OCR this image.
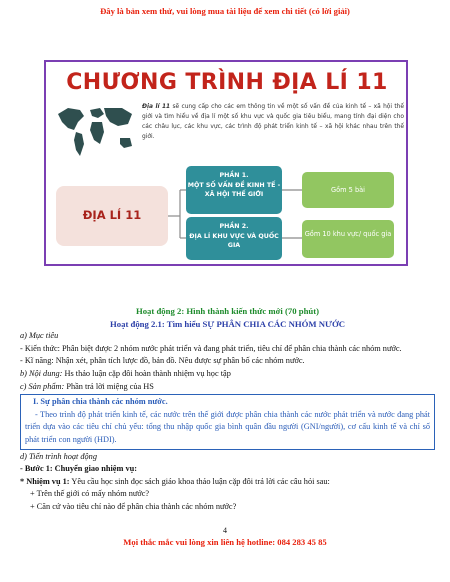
Đây là bản xem thử, vui lòng mua tài liệu để xem chi tiết (có lời giải)
CHƯƠNG TRÌNH ĐỊA LÍ 11
Địa lí 11 sẽ cung cấp cho các em thông tin về một số vấn đề của kinh tế – xã hội thế giới và tìm hiểu về địa lí một số khu vực và quốc gia tiêu biểu, mang tính đại diện cho các châu lục, các khu vực, các trình độ phát triển kinh tế – xã hội khác nhau trên thế giới.
ĐỊA LÍ 11
PHẦN 1.
MỘT SỐ VẤN ĐỀ KINH TẾ - XÃ HỘI THẾ GIỚI
PHẦN 2.
ĐỊA LÍ KHU VỰC VÀ QUỐC GIA
Gồm 5 bài
Gồm 10 khu vực/ quốc gia
Hoạt động 2: Hình thành kiến thức mới (70 phút)
Hoạt động 2.1: Tìm hiểu SỰ PHÂN CHIA CÁC NHÓM NƯỚC
a) Mục tiêu
- Kiến thức: Phân biệt được 2 nhóm nước phát triển và đang phát triển, tiêu chí để phân chia thành các nhóm nước.
- Kĩ năng: Nhận xét, phân tích lược đồ, bản đồ. Nêu được sự phân bố các nhóm nước.
b) Nội dung: Hs thảo luận cặp đôi hoàn thành nhiệm vụ học tập
c) Sản phẩm: Phần trả lời miệng của HS
I. Sự phân chia thành các nhóm nước.
- Theo trình độ phát triển kinh tế, các nước trên thế giới được phân chia thành các nước phát triển và nước đang phát triển dựa vào các tiêu chí chủ yếu: tổng thu nhập quốc gia bình quân đầu người (GNI/người), cơ cấu kinh tế và chỉ số phát triển con người (HDI).
d) Tiến trình hoạt động
- Bước 1: Chuyển giao nhiệm vụ:
* Nhiệm vụ 1: Yêu cầu học sinh đọc sách giáo khoa thảo luận cặp đôi trả lời các câu hỏi sau:
+ Trên thế giới có mấy nhóm nước?
+ Căn cứ vào tiêu chí nào để phân chia thành các nhóm nước?
4
Mọi thắc mắc vui lòng xin liên hệ hotline: 084 283 45 85
